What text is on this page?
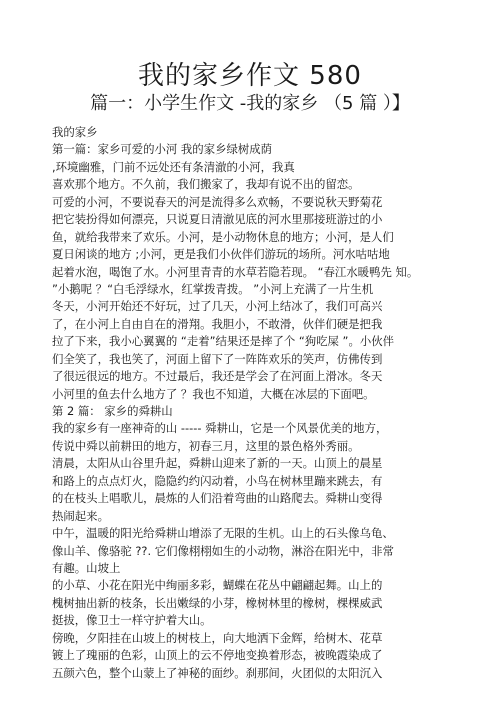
我的家乡作文 580
篇一：小学生作文 -我的家乡 （5 篇 ）】
我的家乡
第一篇：家乡可爱的小河 我的家乡绿树成荫
,环境幽雅，门前不远处还有条清澈的小河，我真
喜欢那个地方。不久前，我们搬家了，我却有说不出的留恋。
可爱的小河，不要说春天的河是流得多么欢畅，不要说秋天野菊花
把它装扮得如何漂亮，只说夏日清澈见底的河水里那接班游过的小
鱼，就给我带来了欢乐。小河，是小动物休息的地方；小河，是人们
夏日闲谈的地方 ;小河，更是我们小伙伴们游玩的场所。河水咕咕地
起着水泡，喝饱了水。小河里青青的水草若隐若现。 “春江水暖鸭先 知。
”小鹅呢 ？“白毛浮绿水，红掌拨青拨。 ”小河上充满了一片生机
冬天，小河开始还不好玩，过了几天，小河上结冰了，我们可高兴
了，在小河上自由自在的滑翔。我胆小，不敢滑，伙伴们硬是把我
拉了下来，我小心翼翼的 “走着”结果还是摔了个 “狗吃屎 ”。小伙伴
们全笑了，我也笑了，河面上留下了一阵阵欢乐的笑声，仿佛传到
了很远很远的地方。不过最后，我还是学会了在河面上滑冰。冬天
小河里的鱼去什么地方了 ？我也不知道，大概在冰层的下面吧。
第 2 篇： 家乡的舜耕山
我的家乡有一座神奇的山 ----- 舜耕山，它是一个风景优美的地方，
传说中舜以前耕田的地方，初春三月，这里的景色格外秀丽。
清晨，太阳从山谷里升起，舜耕山迎来了新的一天。山顶上的晨星
和路上的点点灯火，隐隐约约闪动着，小鸟在树林里蹦来跳去，有
的在枝头上唱歌儿，晨炼的人们沿着弯曲的山路爬去。舜耕山变得
热闹起来。
中午，温暖的阳光给舜耕山增添了无限的生机。山上的石头像乌龟、
像山羊、像骆驼 ??. 它们像栩栩如生的小动物，淋浴在阳光中，非常
有趣。山坡上
的小草、小花在阳光中绚丽多彩，蝴蝶在花丛中翩翩起舞。山上的
槐树抽出新的枝条，长出嫩绿的小芽，橡树林里的橡树，棵棵威武
挺拔，像卫士一样守护着大山。
傍晚，夕阳挂在山坡上的树枝上，向大地洒下金辉，给树木、花草
镀上了瑰丽的色彩，山顶上的云不停地变换着形态，被晚霞染成了
五颜六色，整个山蒙上了神秘的面纱。刹那间，火团似的太阳沉入
